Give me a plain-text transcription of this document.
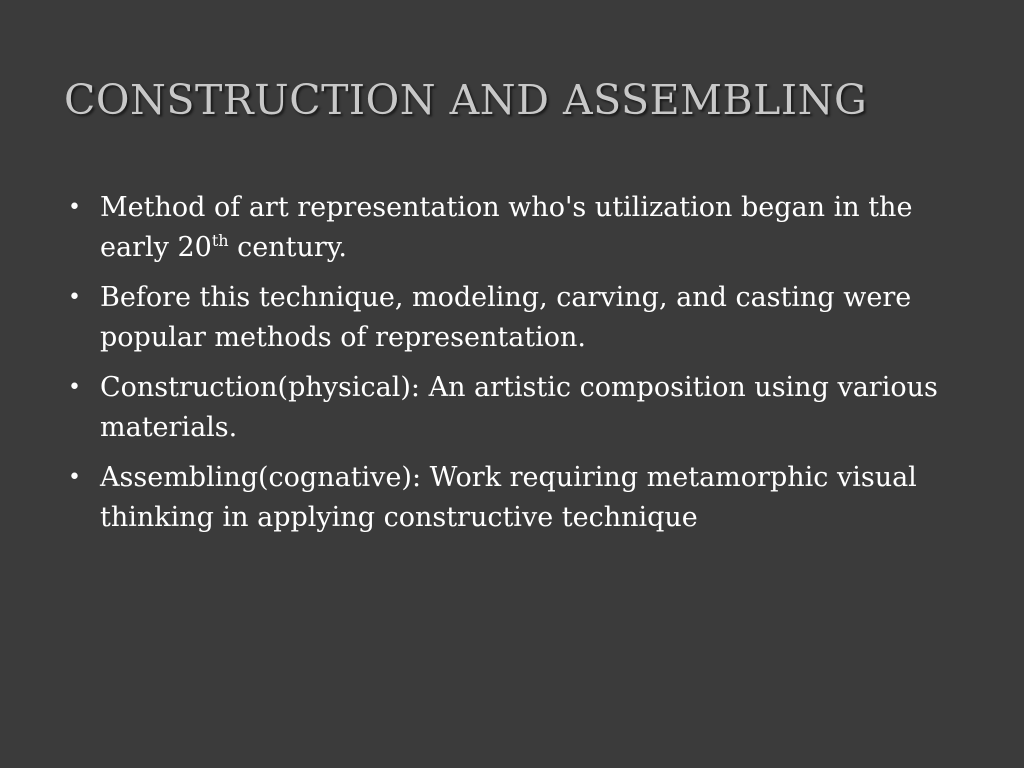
CONSTRUCTION AND ASSEMBLING
• Method of art representation who's utilization began in the early 20th century.
• Before this technique, modeling, carving, and casting were popular methods of representation.
• Construction(physical): An artistic composition using various materials.
• Assembling(cognative): Work requiring metamorphic visual thinking in applying constructive technique
